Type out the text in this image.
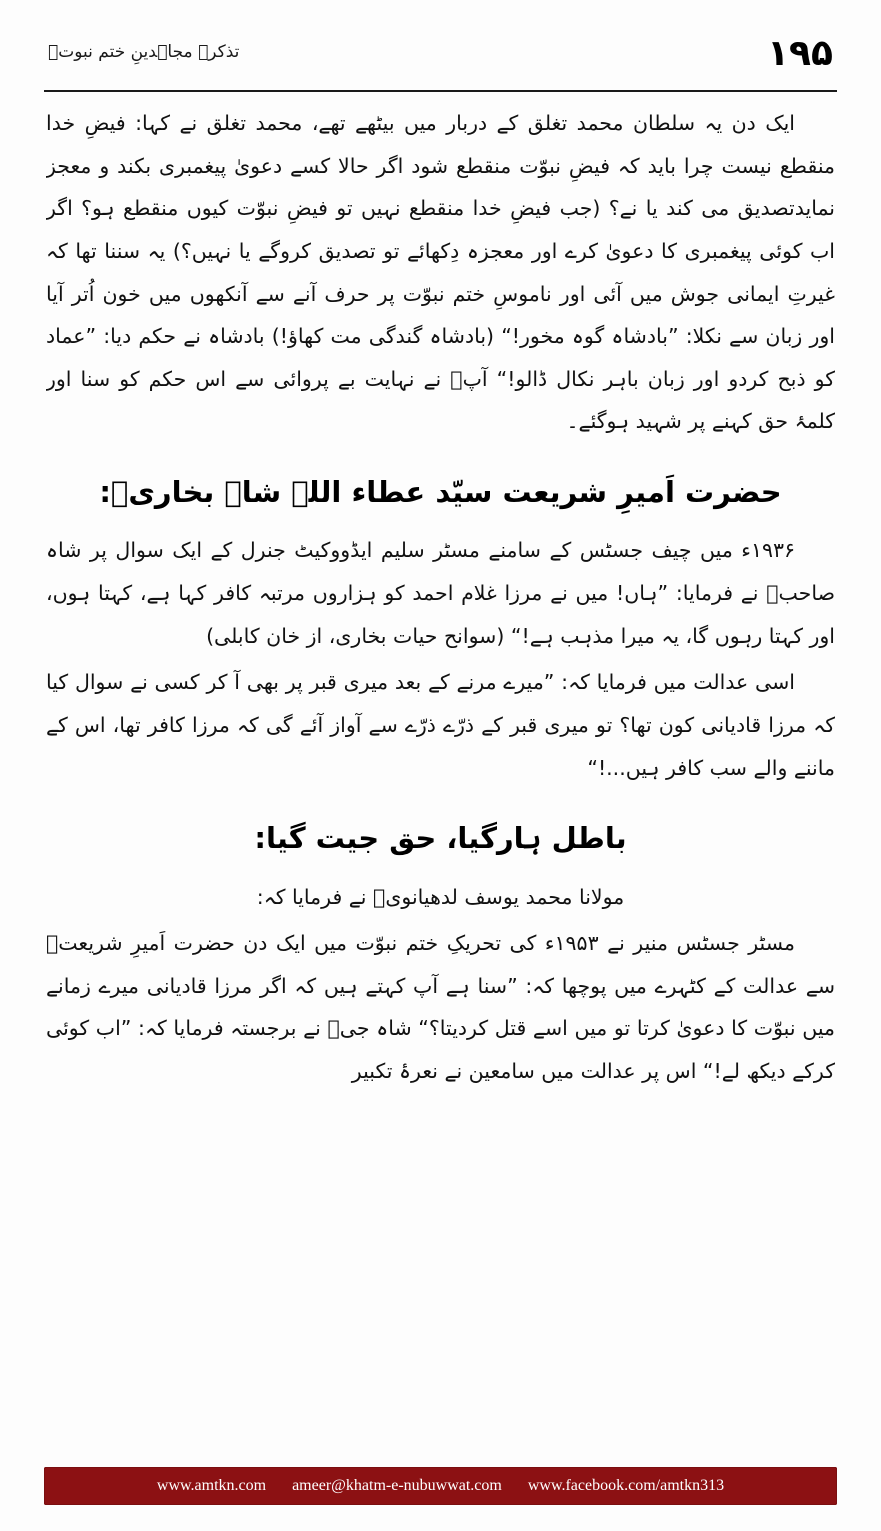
۱۹۵
تذکرہ مجاہدینِ ختم نبوتؐ

ایک دن یہ سلطان محمد تغلق کے دربار میں بیٹھے تھے، محمد تغلق نے کہا: فیضِ خدا منقطع نیست چرا باید کہ فیضِ نبوّت منقطع شود اگر حالا کسے دعویٰ پیغمبری بکند و معجز نمایدتصدیق می کند یا نے؟ (جب فیضِ خدا منقطع نہیں تو فیضِ نبوّت کیوں منقطع ہو؟ اگر اب کوئی پیغمبری کا دعویٰ کرے اور معجزہ دِکھائے تو تصدیق کروگے یا نہیں؟) یہ سننا تھا کہ غیرتِ ایمانی جوش میں آئی اور ناموسِ ختم نبوّت پر حرف آنے سے آنکھوں میں خون اُتر آیا اور زبان سے نکلا: ”بادشاہ گوہ مخور!“ (بادشاہ گندگی مت کھاؤ!) بادشاہ نے حکم دیا: ”عماد کو ذبح کردو اور زبان باہر نکال ڈالو!“ آپؒ نے نہایت بے پروائی سے اس حکم کو سنا اور کلمۂ حق کہنے پر شہید ہوگئے۔

حضرت اَمیرِ شریعت سیّد عطاء اللہ شاہ بخاریؒ:

۱۹۳۶ء میں چیف جسٹس کے سامنے مسٹر سلیم ایڈووکیٹ جنرل کے ایک سوال پر شاہ صاحبؒ نے فرمایا: ”ہاں! میں نے مرزا غلام احمد کو ہزاروں مرتبہ کافر کہا ہے، کہتا ہوں، اور کہتا رہوں گا، یہ میرا مذہب ہے!“ (سوانح حیات بخاری، از خان کابلی)

اسی عدالت میں فرمایا کہ: ”میرے مرنے کے بعد میری قبر پر بھی آ کر کسی نے سوال کیا کہ مرزا قادیانی کون تھا؟ تو میری قبر کے ذرّے ذرّے سے آواز آئے گی کہ مرزا کافر تھا، اس کے ماننے والے سب کافر ہیں...!“

باطل ہارگیا، حق جیت گیا:

مولانا محمد یوسف لدھیانویؒ نے فرمایا کہ:

مسٹر جسٹس منیر نے ۱۹۵۳ء کی تحریکِ ختم نبوّت میں ایک دن حضرت اَمیرِ شریعتؒ سے عدالت کے کٹہرے میں پوچھا کہ: ”سنا ہے آپ کہتے ہیں کہ اگر مرزا قادیانی میرے زمانے میں نبوّت کا دعویٰ کرتا تو میں اسے قتل کردیتا؟“ شاہ جیؒ نے برجستہ فرمایا کہ: ”اب کوئی کرکے دیکھ لے!“ اس پر عدالت میں سامعین نے نعرۂ تکبیر

www.amtkn.com ameer@khatm-e-nubuwwat.com www.facebook.com/amtkn313
